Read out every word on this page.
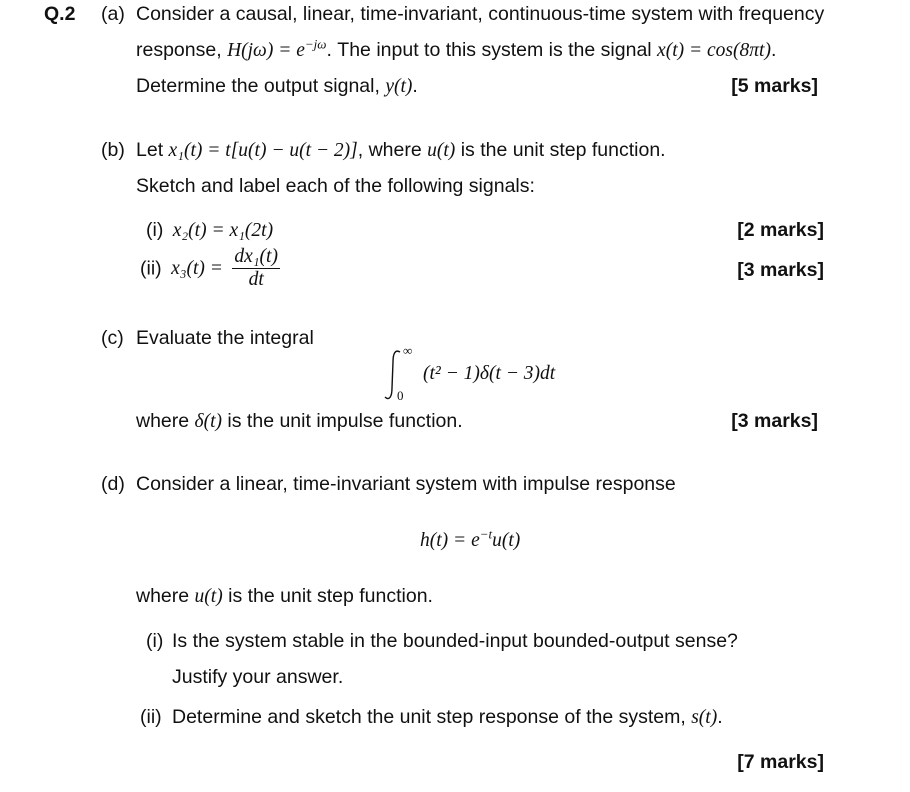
Q.2 (a) Consider a causal, linear, time-invariant, continuous-time system with frequency
response, $H(j\omega) = e^{-j\omega}$. The input to this system is the signal x(t) = cos(8πt).
Determine the output signal, y(t).	[5 marks]
(b) Let x₁(t) = t[u(t) − u(t − 2)], where u(t) is the unit step function.
Sketch and label each of the following signals:
(i) x₂(t) = x₁(2t)	[2 marks]
(ii) $x_3(t) = \frac{\text{dx₁(t)}}{dt}$	[3 marks]
(c) Evaluate the integral
∞
0
(t² − 1)δ(t − 3)dt
where δ(t) is the unit impulse function.	[3 marks]
(d) Consider a linear, time-invariant system with impulse response
$h(t) = e^{-t}u(t)$
where u(t) is the unit step function.
(i) Is the system stable in the bounded-input bounded-output sense?
Justify your answer.
(ii) Determine and sketch the unit step response of the system, s(t).
[7 marks]
